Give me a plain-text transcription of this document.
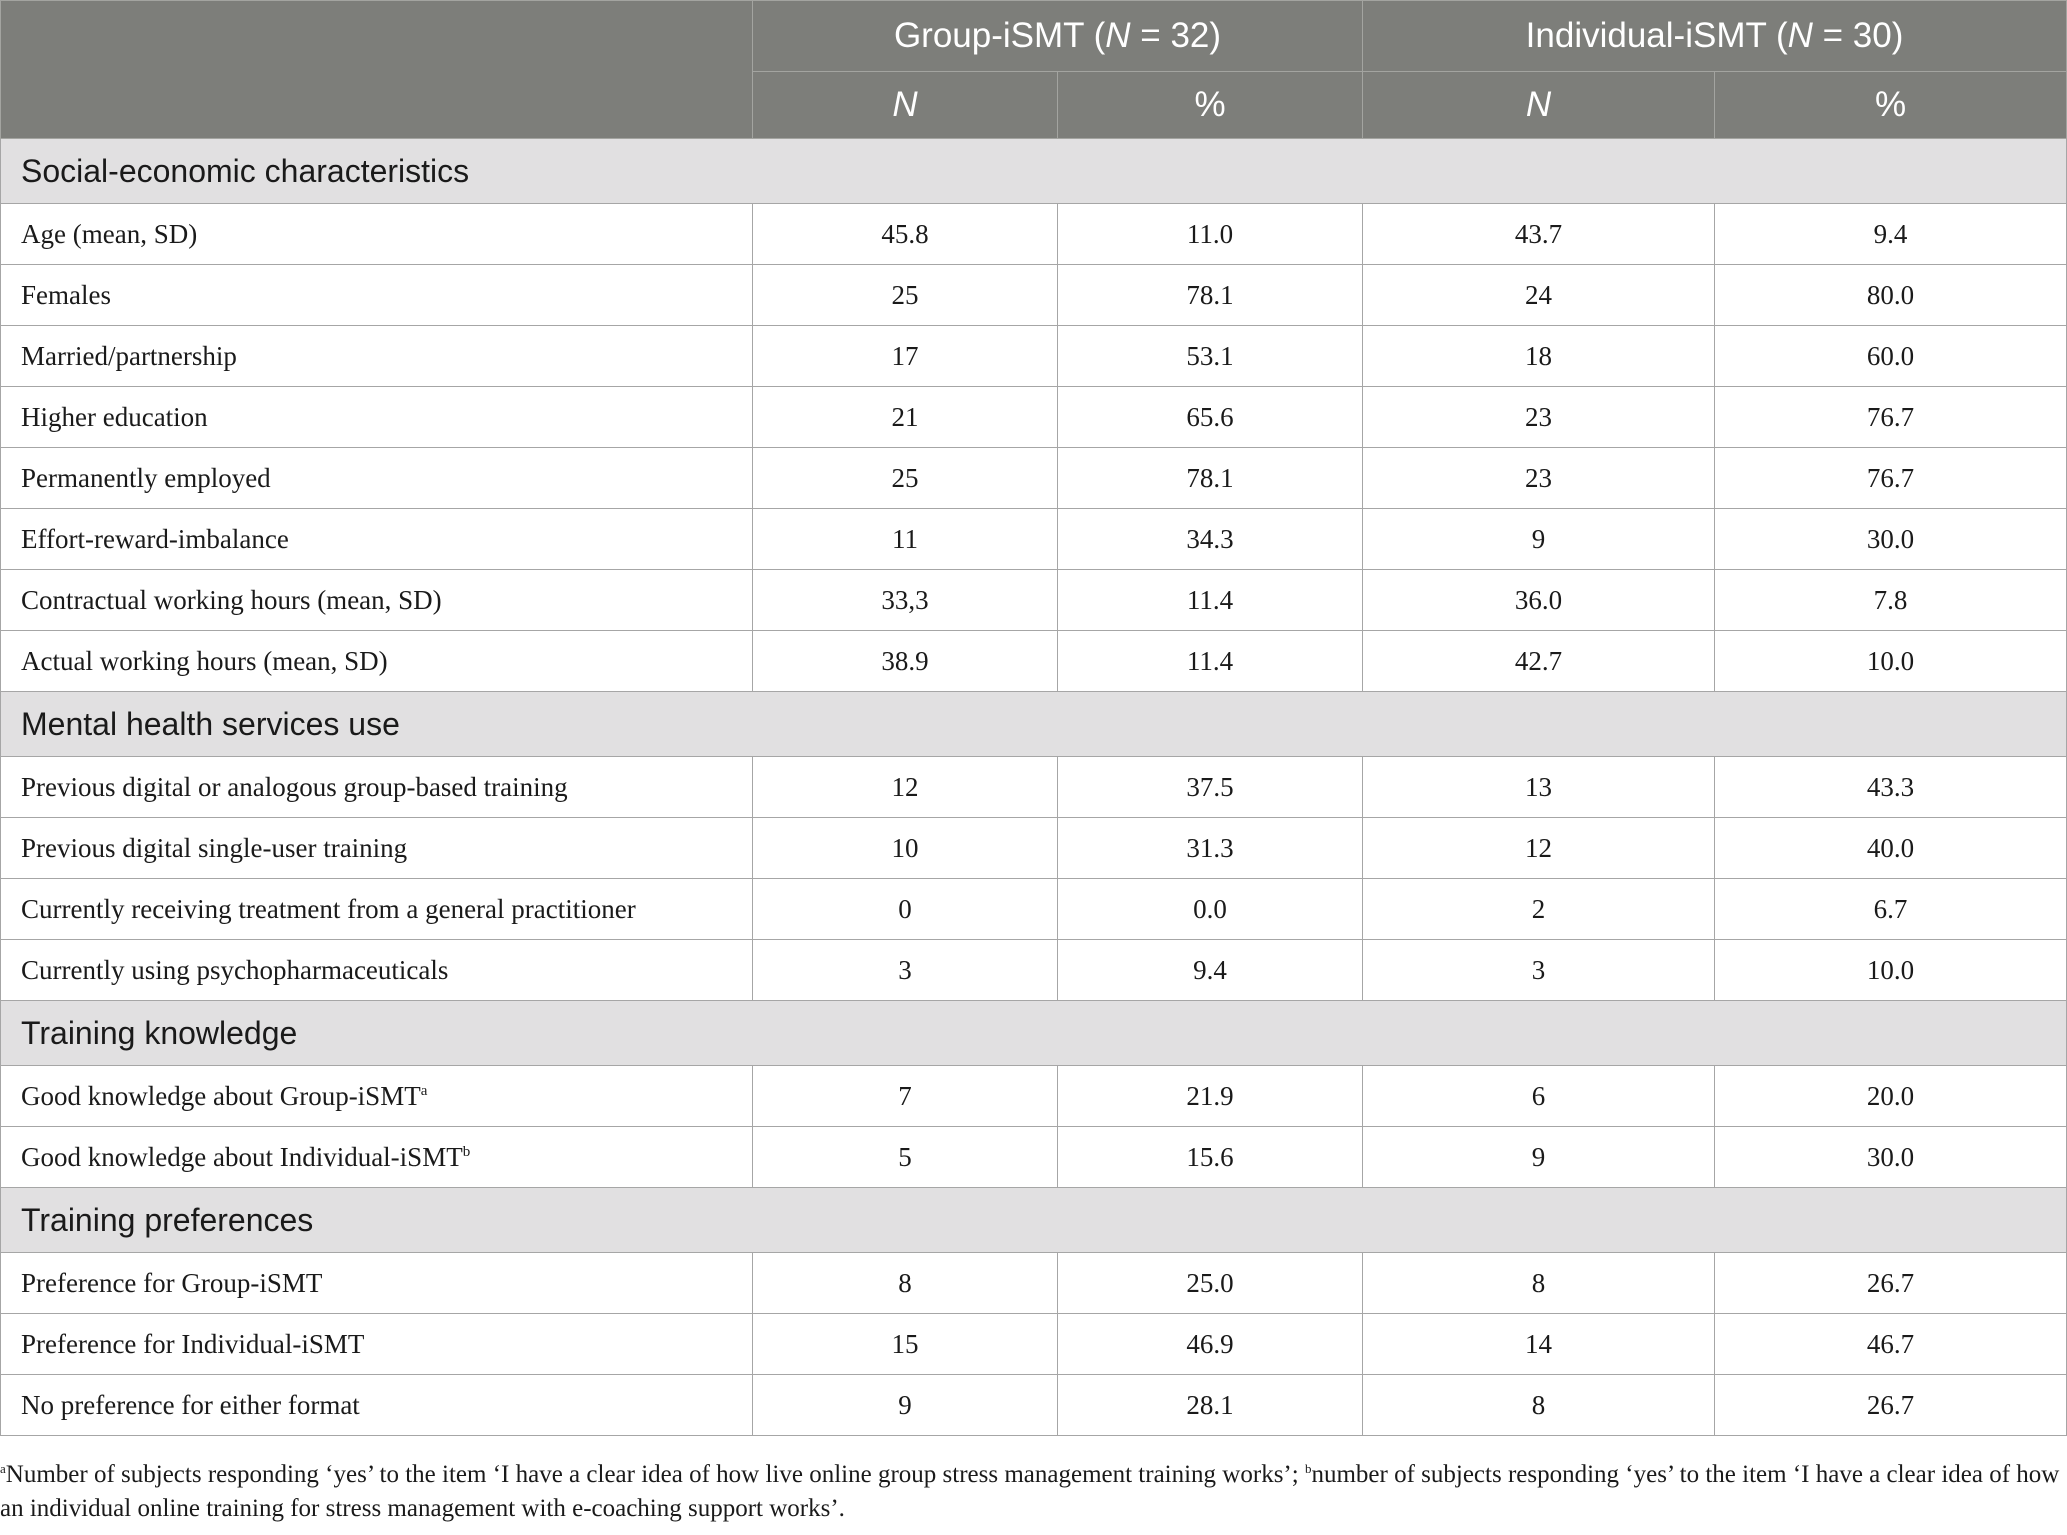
	Group-iSMT (N = 32)		Individual-iSMT (N = 30)	
	N	%	N	%
Social-economic characteristics				
Age (mean, SD)	45.8	11.0	43.7	9.4
Females	25	78.1	24	80.0
Married/partnership	17	53.1	18	60.0
Higher education	21	65.6	23	76.7
Permanently employed	25	78.1	23	76.7
Effort-reward-imbalance	11	34.3	9	30.0
Contractual working hours (mean, SD)	33,3	11.4	36.0	7.8
Actual working hours (mean, SD)	38.9	11.4	42.7	10.0
Mental health services use				
Previous digital or analogous group-based training	12	37.5	13	43.3
Previous digital single-user training	10	31.3	12	40.0
Currently receiving treatment from a general practitioner	0	0.0	2	6.7
Currently using psychopharmaceuticals	3	9.4	3	10.0
Training knowledge				
Good knowledge about Group-iSMT$^a$	7	21.9	6	20.0
Good knowledge about Individual-iSMT$^b$	5	15.6	9	30.0
Training preferences				
Preference for Group-iSMT	8	25.0	8	26.7
Preference for Individual-iSMT	15	46.9	14	46.7
No preference for either format	9	28.1	8	26.7
$^a$Number of subjects responding ‘yes’ to the item ‘I have a clear idea of how live online group stress management training works’; $^b$number of subjects responding ‘yes’ to the item ‘I have a clear idea of how an individual online training for stress management with e-coaching support works’.
